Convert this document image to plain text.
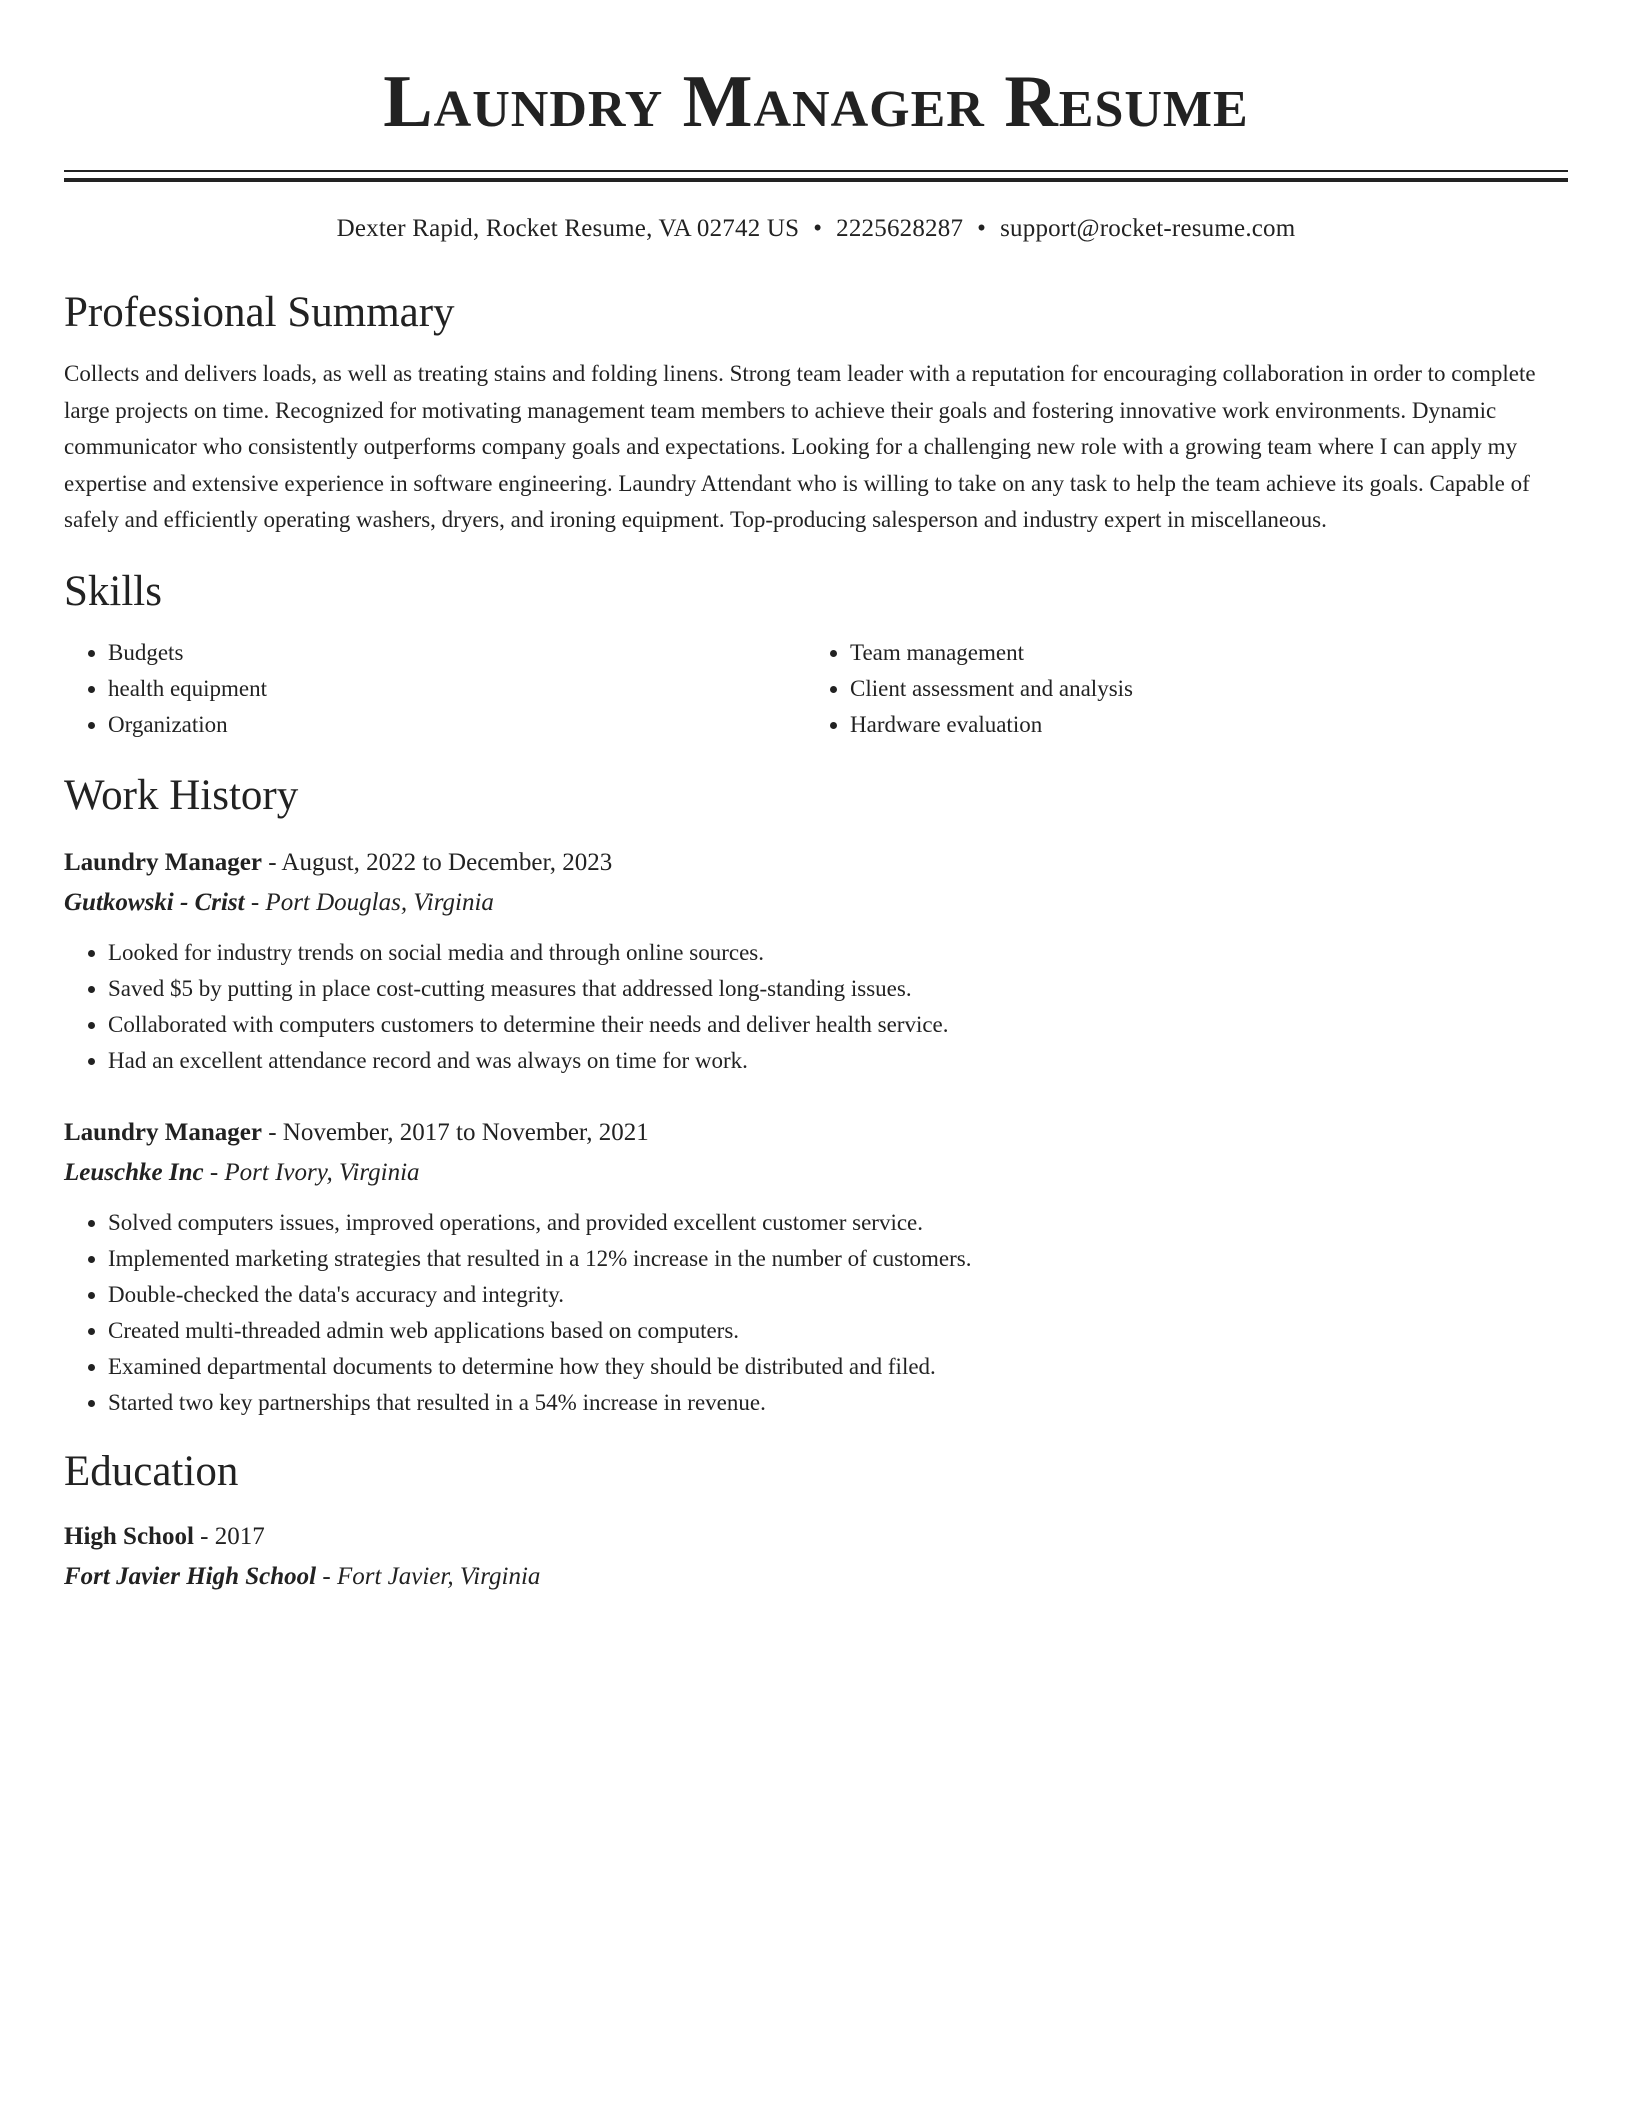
Laundry Manager Resume
Dexter Rapid, Rocket Resume, VA 02742 US • 2225628287 • support@rocket-resume.com
Professional Summary
Collects and delivers loads, as well as treating stains and folding linens. Strong team leader with a reputation for encouraging collaboration in order to complete large projects on time. Recognized for motivating management team members to achieve their goals and fostering innovative work environments. Dynamic communicator who consistently outperforms company goals and expectations. Looking for a challenging new role with a growing team where I can apply my expertise and extensive experience in software engineering. Laundry Attendant who is willing to take on any task to help the team achieve its goals. Capable of safely and efficiently operating washers, dryers, and ironing equipment. Top-producing salesperson and industry expert in miscellaneous.
Skills
• Budgets
• health equipment
• Organization
• Team management
• Client assessment and analysis
• Hardware evaluation
Work History
Laundry Manager - August, 2022 to December, 2023
Gutkowski - Crist - Port Douglas, Virginia
• Looked for industry trends on social media and through online sources.
• Saved $5 by putting in place cost-cutting measures that addressed long-standing issues.
• Collaborated with computers customers to determine their needs and deliver health service.
• Had an excellent attendance record and was always on time for work.
Laundry Manager - November, 2017 to November, 2021
Leuschke Inc - Port Ivory, Virginia
• Solved computers issues, improved operations, and provided excellent customer service.
• Implemented marketing strategies that resulted in a 12% increase in the number of customers.
• Double-checked the data's accuracy and integrity.
• Created multi-threaded admin web applications based on computers.
• Examined departmental documents to determine how they should be distributed and filed.
• Started two key partnerships that resulted in a 54% increase in revenue.
Education
High School - 2017
Fort Javier High School - Fort Javier, Virginia
